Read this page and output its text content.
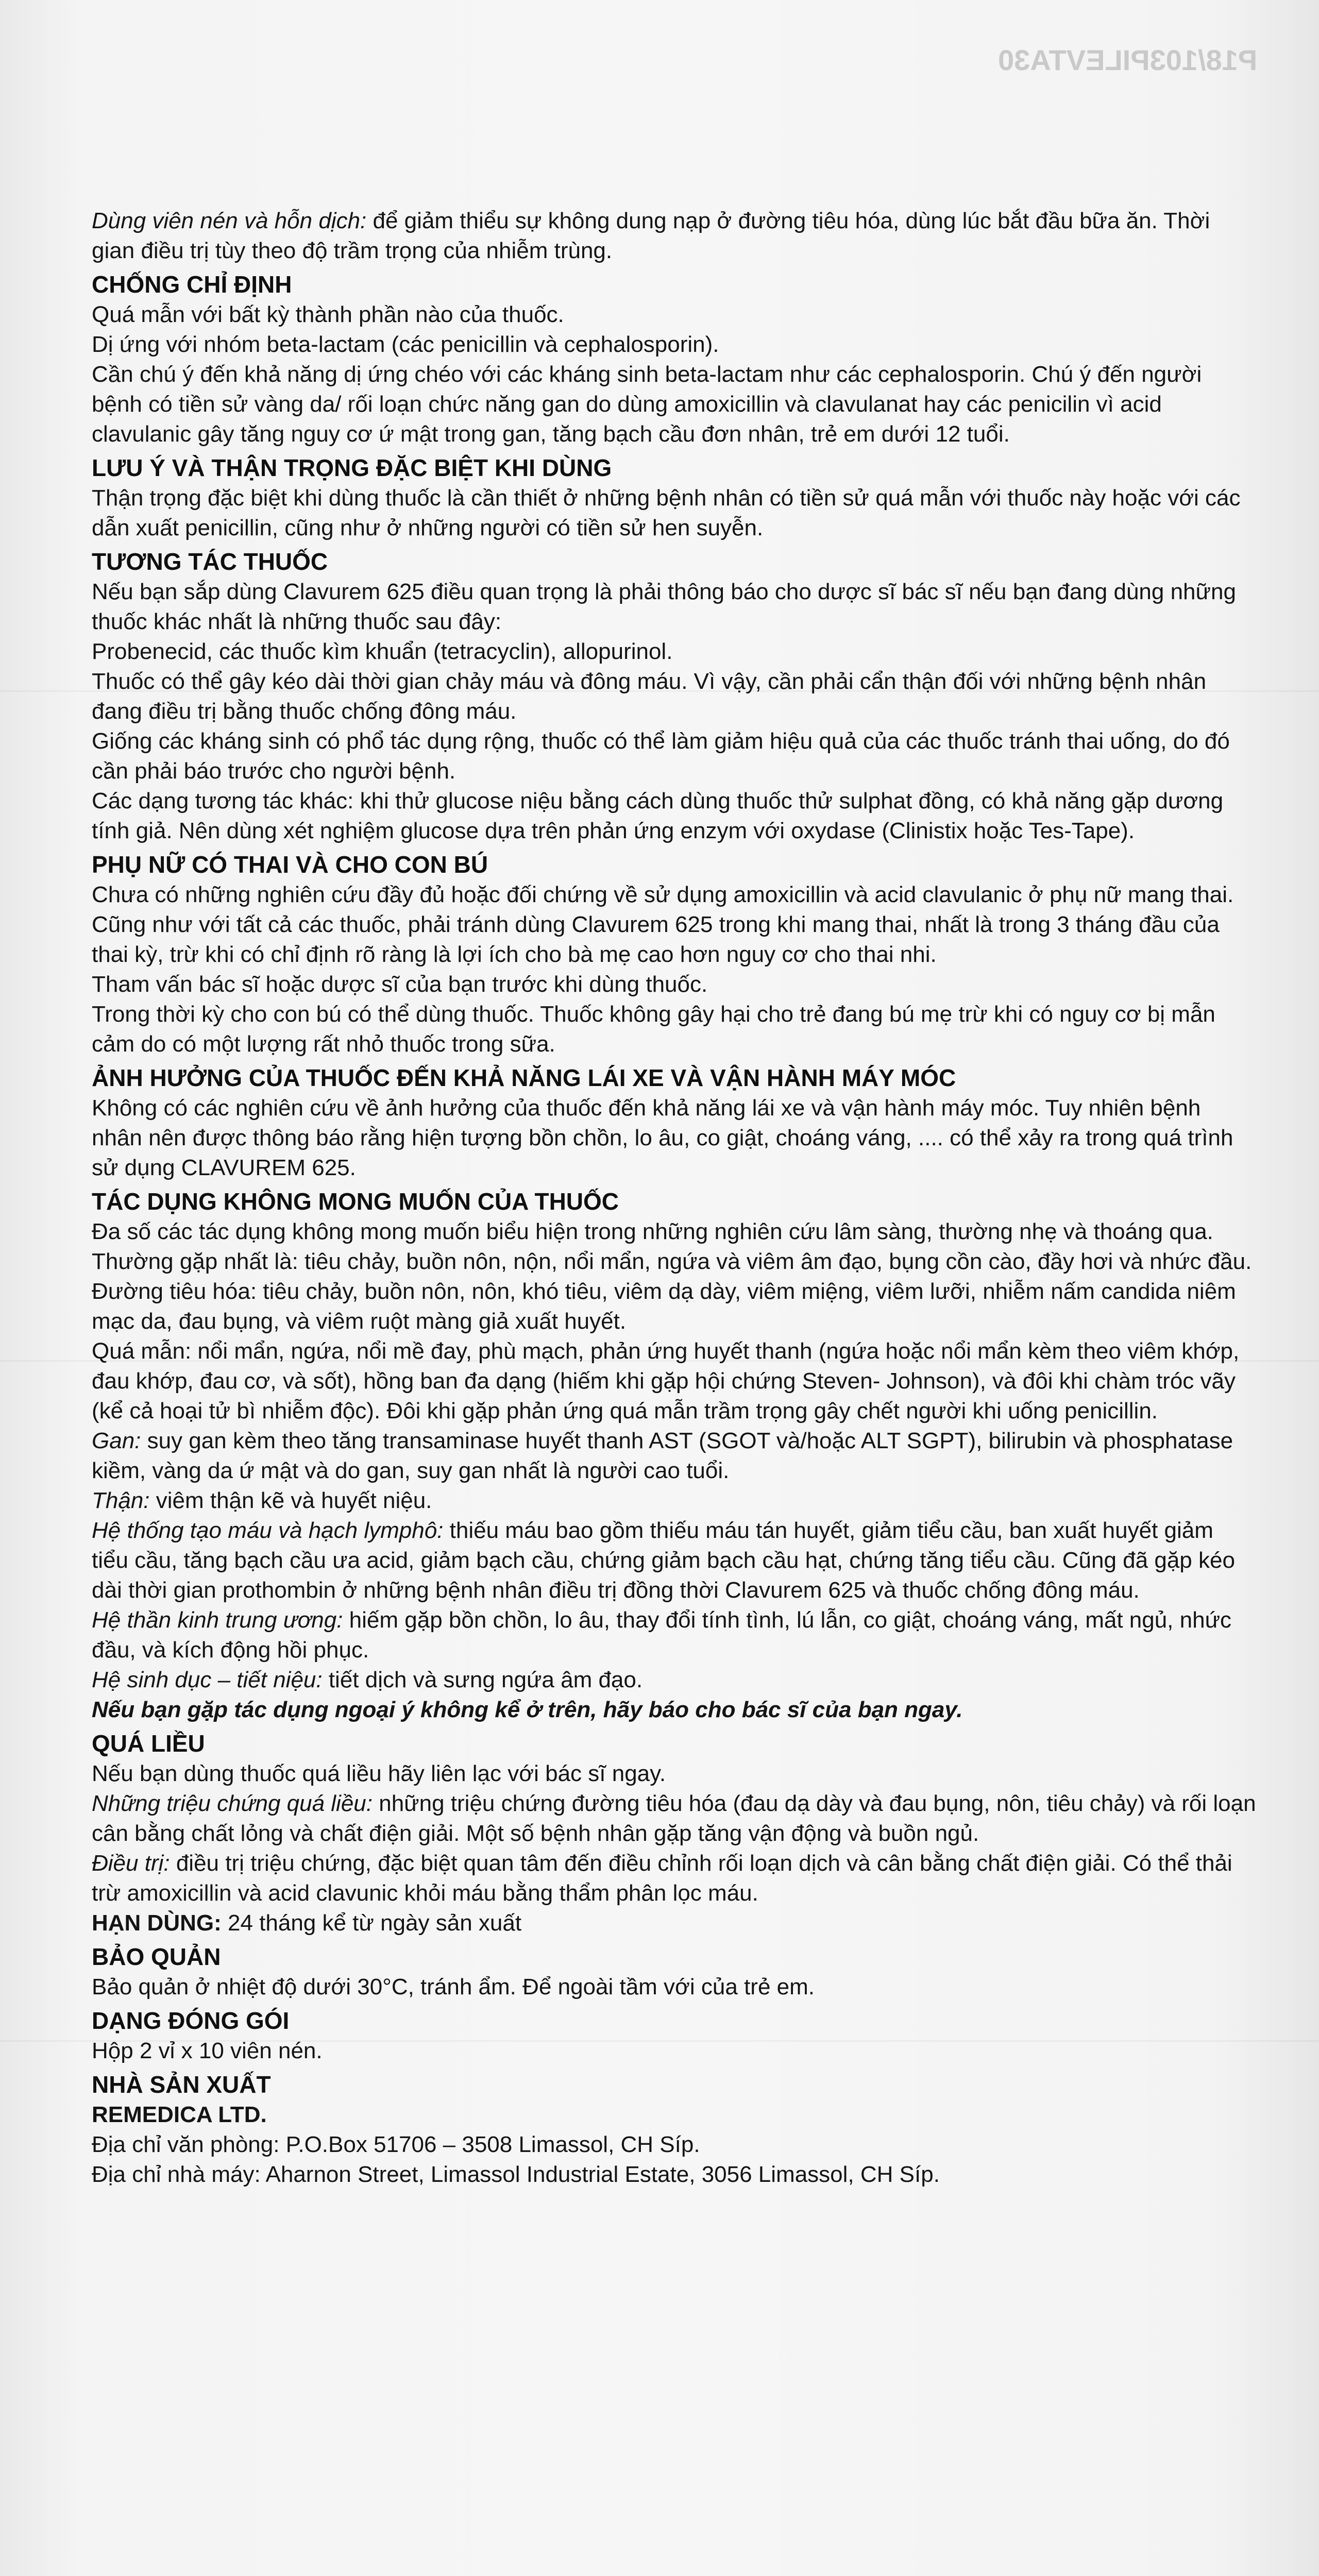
P18/103PILEVTA30

Dùng viên nén và hỗn dịch: để giảm thiểu sự không dung nạp ở đường tiêu hóa, dùng lúc bắt đầu bữa ăn. Thời gian điều trị tùy theo độ trầm trọng của nhiễm trùng.

CHỐNG CHỈ ĐỊNH

Quá mẫn với bất kỳ thành phần nào của thuốc.

Dị ứng với nhóm beta-lactam (các penicillin và cephalosporin).

Cần chú ý đến khả năng dị ứng chéo với các kháng sinh beta-lactam như các cephalosporin. Chú ý đến người bệnh có tiền sử vàng da/ rối loạn chức năng gan do dùng amoxicillin và clavulanat hay các penicilin vì acid clavulanic gây tăng nguy cơ ứ mật trong gan, tăng bạch cầu đơn nhân, trẻ em dưới 12 tuổi.

LƯU Ý VÀ THẬN TRỌNG ĐẶC BIỆT KHI DÙNG

Thận trọng đặc biệt khi dùng thuốc là cần thiết ở những bệnh nhân có tiền sử quá mẫn với thuốc này hoặc với các dẫn xuất penicillin, cũng như ở những người có tiền sử hen suyễn.

TƯƠNG TÁC THUỐC

Nếu bạn sắp dùng Clavurem 625 điều quan trọng là phải thông báo cho dược sĩ bác sĩ nếu bạn đang dùng những thuốc khác nhất là những thuốc sau đây:

Probenecid, các thuốc kìm khuẩn (tetracyclin), allopurinol.

Thuốc có thể gây kéo dài thời gian chảy máu và đông máu. Vì vậy, cần phải cẩn thận đối với những bệnh nhân đang điều trị bằng thuốc chống đông máu.

Giống các kháng sinh có phổ tác dụng rộng, thuốc có thể làm giảm hiệu quả của các thuốc tránh thai uống, do đó cần phải báo trước cho người bệnh.

Các dạng tương tác khác: khi thử glucose niệu bằng cách dùng thuốc thử sulphat đồng, có khả năng gặp dương tính giả. Nên dùng xét nghiệm glucose dựa trên phản ứng enzym với oxydase (Clinistix hoặc Tes-Tape).

PHỤ NỮ CÓ THAI VÀ CHO CON BÚ

Chưa có những nghiên cứu đầy đủ hoặc đối chứng về sử dụng amoxicillin và acid clavulanic ở phụ nữ mang thai. Cũng như với tất cả các thuốc, phải tránh dùng Clavurem 625 trong khi mang thai, nhất là trong 3 tháng đầu của thai kỳ, trừ khi có chỉ định rõ ràng là lợi ích cho bà mẹ cao hơn nguy cơ cho thai nhi.

Tham vấn bác sĩ hoặc dược sĩ của bạn trước khi dùng thuốc.

Trong thời kỳ cho con bú có thể dùng thuốc. Thuốc không gây hại cho trẻ đang bú mẹ trừ khi có nguy cơ bị mẫn cảm do có một lượng rất nhỏ thuốc trong sữa.

ẢNH HƯỞNG CỦA THUỐC ĐẾN KHẢ NĂNG LÁI XE VÀ VẬN HÀNH MÁY MÓC

Không có các nghiên cứu về ảnh hưởng của thuốc đến khả năng lái xe và vận hành máy móc. Tuy nhiên bệnh nhân nên được thông báo rằng hiện tượng bồn chồn, lo âu, co giật, choáng váng, .... có thể xảy ra trong quá trình sử dụng CLAVUREM 625.

TÁC DỤNG KHÔNG MONG MUỐN CỦA THUỐC

Đa số các tác dụng không mong muốn biểu hiện trong những nghiên cứu lâm sàng, thường nhẹ và thoáng qua. Thường gặp nhất là: tiêu chảy, buồn nôn, nộn, nổi mẩn, ngứa và viêm âm đạo, bụng cồn cào, đầy hơi và nhức đầu.

Đường tiêu hóa: tiêu chảy, buồn nôn, nôn, khó tiêu, viêm dạ dày, viêm miệng, viêm lưỡi, nhiễm nấm candida niêm mạc da, đau bụng, và viêm ruột màng giả xuất huyết.

Quá mẫn: nổi mẩn, ngứa, nổi mề đay, phù mạch, phản ứng huyết thanh (ngứa hoặc nổi mẩn kèm theo viêm khớp, đau khớp, đau cơ, và sốt), hồng ban đa dạng (hiếm khi gặp hội chứng Steven- Johnson), và đôi khi chàm tróc vãy (kể cả hoại tử bì nhiễm độc). Đôi khi gặp phản ứng quá mẫn trầm trọng gây chết người khi uống penicillin.

Gan: suy gan kèm theo tăng transaminase huyết thanh AST (SGOT và/hoặc ALT SGPT), bilirubin và phosphatase kiềm, vàng da ứ mật và do gan, suy gan nhất là người cao tuổi.

Thận: viêm thận kẽ và huyết niệu.

Hệ thống tạo máu và hạch lymphô: thiếu máu bao gồm thiếu máu tán huyết, giảm tiểu cầu, ban xuất huyết giảm tiểu cầu, tăng bạch cầu ưa acid, giảm bạch cầu, chứng giảm bạch cầu hạt, chứng tăng tiểu cầu. Cũng đã gặp kéo dài thời gian prothombin ở những bệnh nhân điều trị đồng thời Clavurem 625 và thuốc chống đông máu.

Hệ thần kinh trung ương: hiếm gặp bồn chồn, lo âu, thay đổi tính tình, lú lẫn, co giật, choáng váng, mất ngủ, nhức đầu, và kích động hồi phục.

Hệ sinh dục – tiết niệu: tiết dịch và sưng ngứa âm đạo.

Nếu bạn gặp tác dụng ngoại ý không kể ở trên, hãy báo cho bác sĩ của bạn ngay.

QUÁ LIỀU

Nếu bạn dùng thuốc quá liều hãy liên lạc với bác sĩ ngay.

Những triệu chứng quá liều: những triệu chứng đường tiêu hóa (đau dạ dày và đau bụng, nôn, tiêu chảy) và rối loạn cân bằng chất lỏng và chất điện giải. Một số bệnh nhân gặp tăng vận động và buồn ngủ.

Điều trị: điều trị triệu chứng, đặc biệt quan tâm đến điều chỉnh rối loạn dịch và cân bằng chất điện giải. Có thể thải trừ amoxicillin và acid clavunic khỏi máu bằng thẩm phân lọc máu.

HẠN DÙNG: 24 tháng kể từ ngày sản xuất

BẢO QUẢN

Bảo quản ở nhiệt độ dưới 30°C, tránh ẩm. Để ngoài tầm với của trẻ em.

DẠNG ĐÓNG GÓI

Hộp 2 vỉ x 10 viên nén.

NHÀ SẢN XUẤT

REMEDICA LTD.

Địa chỉ văn phòng: P.O.Box 51706 – 3508 Limassol, CH Síp.

Địa chỉ nhà máy: Aharnon Street, Limassol Industrial Estate, 3056 Limassol, CH Síp.
